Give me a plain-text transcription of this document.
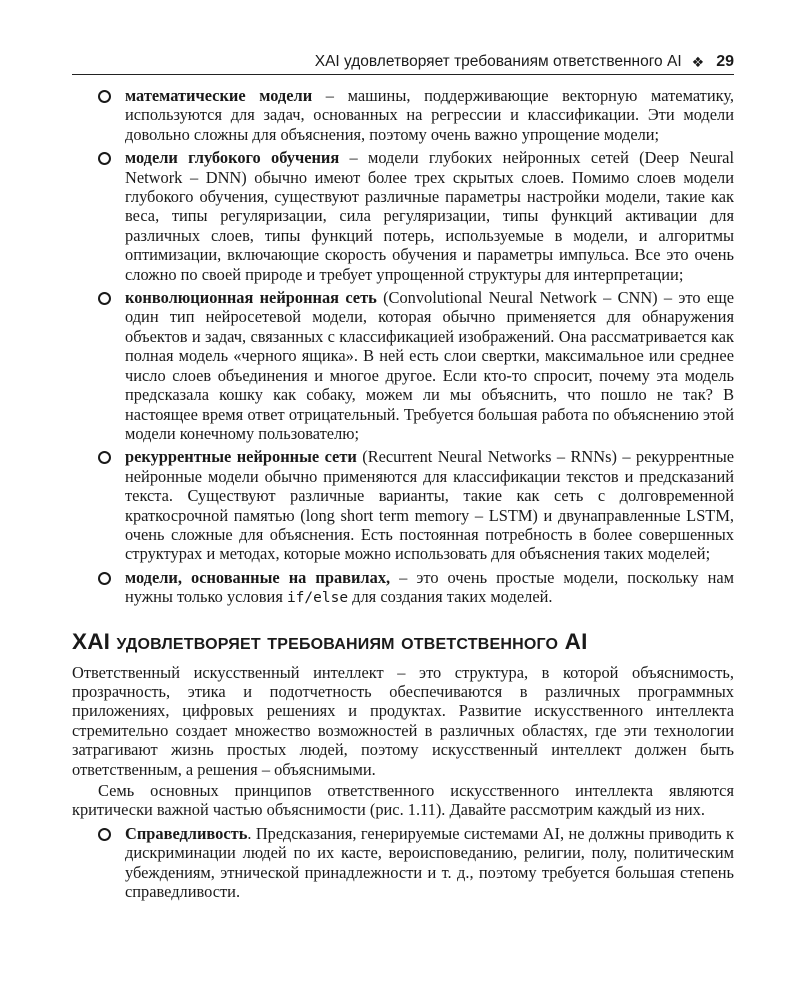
XAI удовлетворяет требованиям ответственного AI ❖ 29
математические модели – машины, поддерживающие векторную математику, используются для задач, основанных на регрессии и классификации. Эти модели довольно сложны для объяснения, поэтому очень важно упрощение модели;
модели глубокого обучения – модели глубоких нейронных сетей (Deep Neural Network – DNN) обычно имеют более трех скрытых слоев. Помимо слоев модели глубокого обучения, существуют различные параметры настройки модели, такие как веса, типы регуляризации, сила регуляризации, типы функций активации для различных слоев, типы функций потерь, используемые в модели, и алгоритмы оптимизации, включающие скорость обучения и параметры импульса. Все это очень сложно по своей природе и требует упрощенной структуры для интерпретации;
конволюционная нейронная сеть (Convolutional Neural Network – CNN) – это еще один тип нейросетевой модели, которая обычно применяется для обнаружения объектов и задач, связанных с классификацией изображений. Она рассматривается как полная модель «черного ящика». В ней есть слои свертки, максимальное или среднее число слоев объединения и многое другое. Если кто-то спросит, почему эта модель предсказала кошку как собаку, можем ли мы объяснить, что пошло не так? В настоящее время ответ отрицательный. Требуется большая работа по объяснению этой модели конечному пользователю;
рекуррентные нейронные сети (Recurrent Neural Networks – RNNs) – рекуррентные нейронные модели обычно применяются для классификации текстов и предсказаний текста. Существуют различные варианты, такие как сеть с долговременной краткосрочной памятью (long short term memory – LSTM) и двунаправленные LSTM, очень сложные для объяснения. Есть постоянная потребность в более совершенных структурах и методах, которые можно использовать для объяснения таких моделей;
модели, основанные на правилах, – это очень простые модели, поскольку нам нужны только условия if/else для создания таких моделей.
XAI удовлетворяет требованиям ответственного AI

Ответственный искусственный интеллект – это структура, в которой объяснимость, прозрачность, этика и подотчетность обеспечиваются в различных программных приложениях, цифровых решениях и продуктах. Развитие искусственного интеллекта стремительно создает множество возможностей в различных областях, где эти технологии затрагивают жизнь простых людей, поэтому искусственный интеллект должен быть ответственным, а решения – объяснимыми.

Семь основных принципов ответственного искусственного интеллекта являются критически важной частью объяснимости (рис. 1.11). Давайте рассмотрим каждый из них.

Справедливость. Предсказания, генерируемые системами AI, не должны приводить к дискриминации людей по их касте, вероисповеданию, религии, полу, политическим убеждениям, этнической принадлежности и т. д., поэтому требуется большая степень справедливости.
